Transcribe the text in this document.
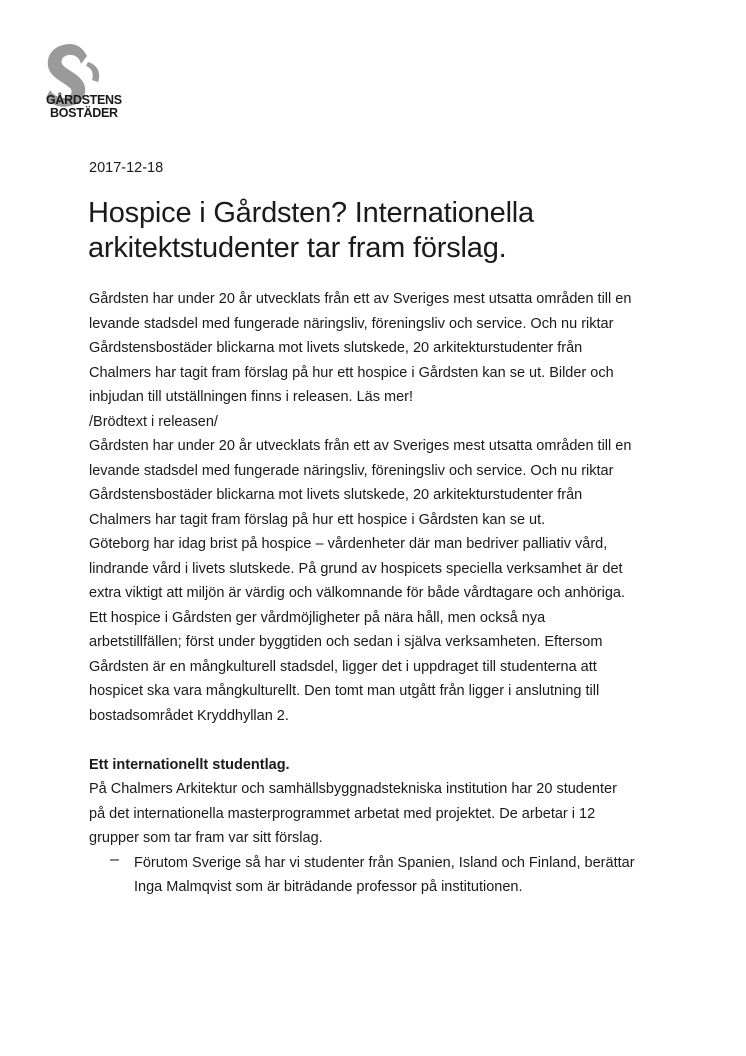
GÅRDSTENS
BOSTÄDER
2017-12-18
Hospice i Gårdsten? Internationella
arkitektstudenter tar fram förslag.
Gårdsten har under 20 år utvecklats från ett av Sveriges mest utsatta områden till en
levande stadsdel med fungerade näringsliv, föreningsliv och service. Och nu riktar
Gårdstensbostäder blickarna mot livets slutskede, 20 arkitekturstudenter från
Chalmers har tagit fram förslag på hur ett hospice i Gårdsten kan se ut. Bilder och
inbjudan till utställningen finns i releasen. Läs mer!
/Brödtext i releasen/
Gårdsten har under 20 år utvecklats från ett av Sveriges mest utsatta områden till en
levande stadsdel med fungerade näringsliv, föreningsliv och service. Och nu riktar
Gårdstensbostäder blickarna mot livets slutskede, 20 arkitekturstudenter från
Chalmers har tagit fram förslag på hur ett hospice i Gårdsten kan se ut.
Göteborg har idag brist på hospice – vårdenheter där man bedriver palliativ vård,
lindrande vård i livets slutskede. På grund av hospicets speciella verksamhet är det
extra viktigt att miljön är värdig och välkomnande för både vårdtagare och anhöriga.
Ett hospice i Gårdsten ger vårdmöjligheter på nära håll, men också nya
arbetstillfällen; först under byggtiden och sedan i själva verksamheten. Eftersom
Gårdsten är en mångkulturell stadsdel, ligger det i uppdraget till studenterna att
hospicet ska vara mångkulturellt. Den tomt man utgått från ligger i anslutning till
bostadsområdet Kryddhyllan 2.
Ett internationellt studentlag.
På Chalmers Arkitektur och samhällsbyggnadstekniska institution har 20 studenter
på det internationella masterprogrammet arbetat med projektet. De arbetar i 12
grupper som tar fram var sitt förslag.
– Förutom Sverige så har vi studenter från Spanien, Island och Finland, berättar
Inga Malmqvist som är biträdande professor på institutionen.
